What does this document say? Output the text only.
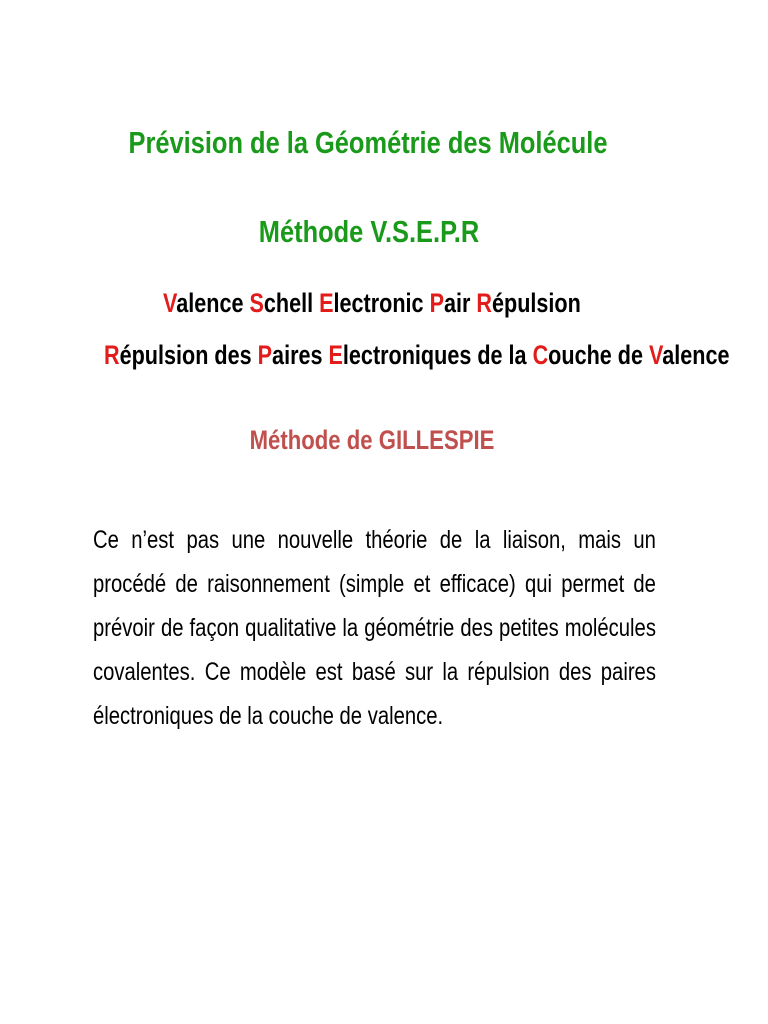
Prévision de la Géométrie des Molécule
Méthode V.S.E.P.R
Valence Schell Electronic Pair Répulsion
Répulsion des Paires Electroniques de la Couche de Valence
Méthode de GILLESPIE
Ce n’est pas une nouvelle théorie de la liaison, mais un procédé de raisonnement (simple et efficace) qui permet de prévoir de façon qualitative la géométrie des petites molécules covalentes. Ce modèle est basé sur la répulsion des paires électroniques de la couche de valence.
